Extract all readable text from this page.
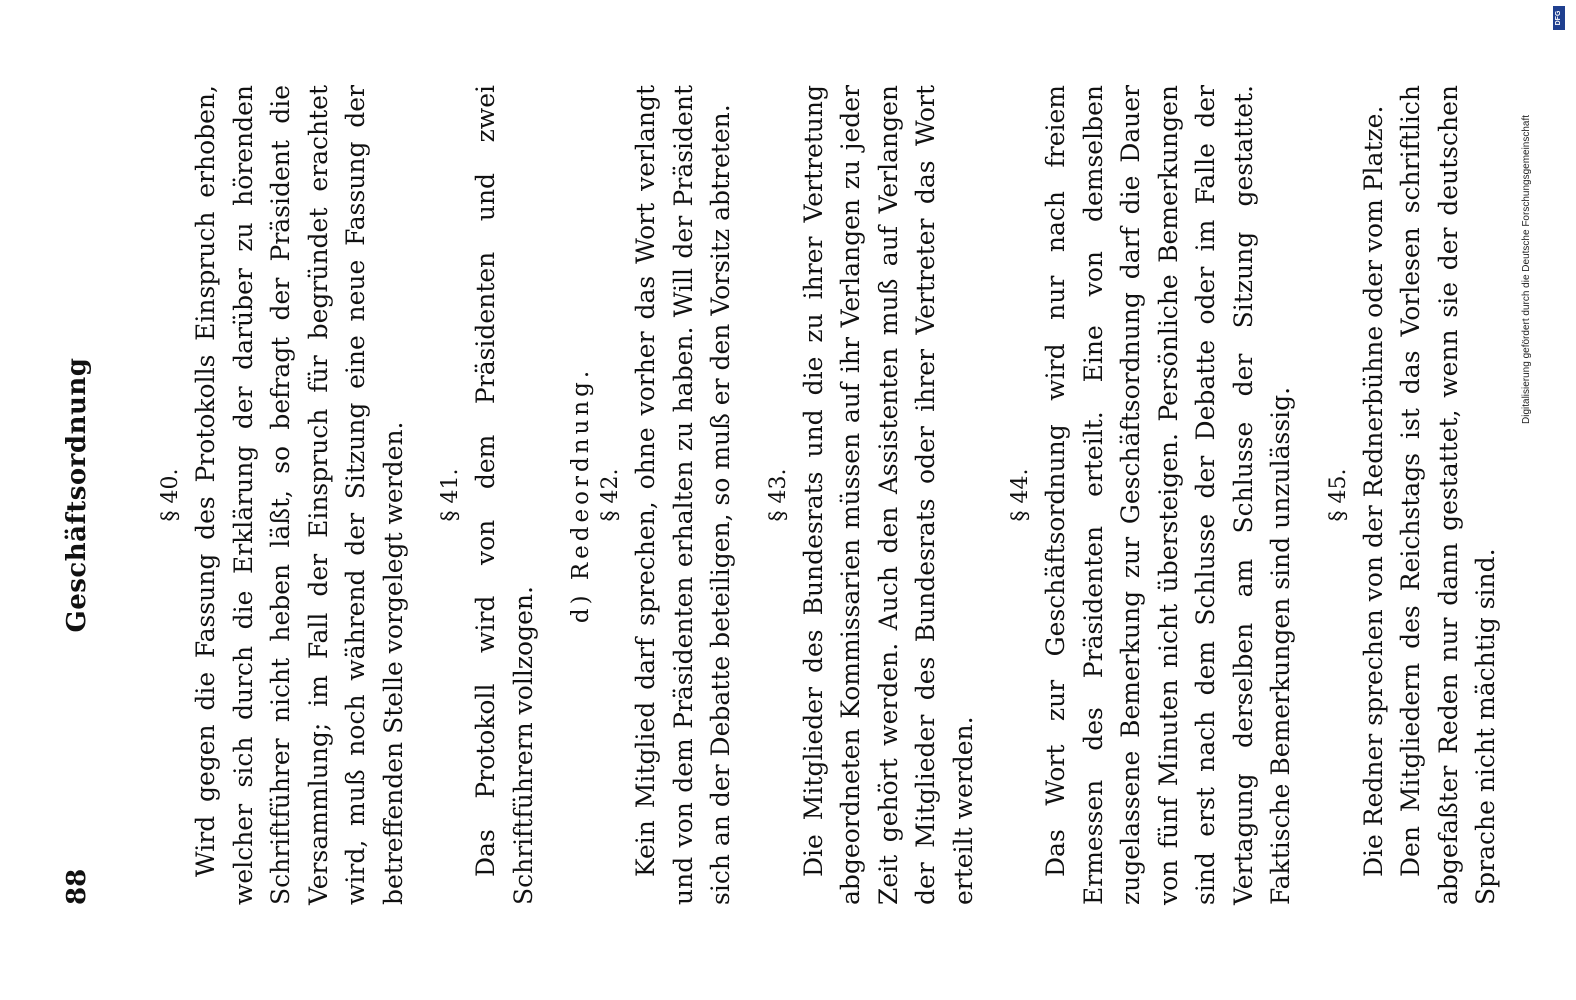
88
Geschäftsordnung	§ 40. Wird gegen die Fassung des Protokolls Einspruch erhoben, welcher sich durch die Erklärung der darüber zu hörenden Schriftführer nicht heben läßt, so befragt der Präsident die Versammlung; im Fall der Einspruch für begründet erachtet wird, muß noch während der Sitzung eine neue Fassung der betreffenden Stelle vorgelegt werden. § 41. Das Protokoll wird von dem Präsidenten und zwei Schriftführern vollzogen.

d) Redeordnung. § 42. Kein Mitglied darf sprechen, ohne vorher das Wort verlangt und von dem Präsidenten erhalten zu haben. Will der Präsident sich an der Debatte beteiligen, so muß er den Vorsitz abtreten. § 43. Die Mitglieder des Bundesrats und die zu ihrer Vertretung abgeordneten Kommissarien müssen auf ihr Verlangen zu jeder Zeit gehört werden. Auch den Assistenten muß auf Verlangen der Mitglieder des Bundesrats oder ihrer Vertreter das Wort erteilt werden.

§ 44. Das Wort zur Geschäftsordnung wird nur nach freiem Ermessen des Präsidenten erteilt. Eine von demselben zugelassene Bemerkung zur Geschäftsordnung darf die Dauer von fünf Minuten nicht übersteigen. Persönliche Bemerkungen sind erst nach dem Schlusse der Debatte oder im Falle der Vertagung derselben am Schlusse der Sitzung gestattet. Faktische Bemerkungen sind unzulässig. § 45. Die Redner sprechen von der Rednerbühne oder vom Platze. Den Mitgliedern des Reichstags ist das Vorlesen schriftlich abgefaßter Reden nur dann gestattet, wenn sie der deutschen Sprache nicht mächtig sind.

Digitalisierung gefördert durch die Deutsche Forschungsgemeinschaft
DFG
